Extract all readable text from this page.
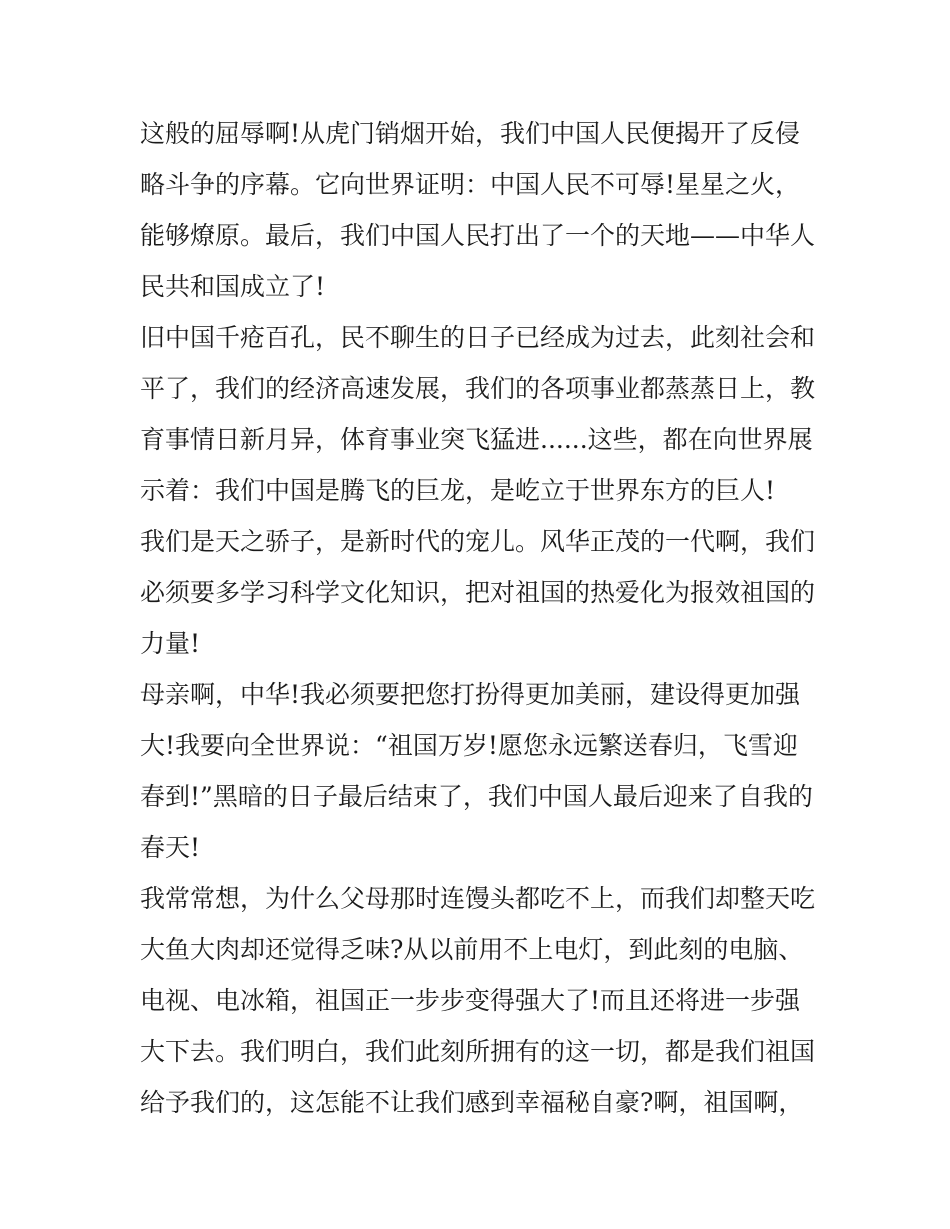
这般的屈辱啊!从虎门销烟开始，我们中国人民便揭开了反侵
略斗争的序幕。它向世界证明：中国人民不可辱!星星之火，
能够燎原。最后，我们中国人民打出了一个的天地——中华人
民共和国成立了!
旧中国千疮百孔，民不聊生的日子已经成为过去，此刻社会和
平了，我们的经济高速发展，我们的各项事业都蒸蒸日上，教
育事情日新月异，体育事业突飞猛进......这些，都在向世界展
示着：我们中国是腾飞的巨龙，是屹立于世界东方的巨人!
我们是天之骄子，是新时代的宠儿。风华正茂的一代啊，我们
必须要多学习科学文化知识，把对祖国的热爱化为报效祖国的
力量!
母亲啊，中华!我必须要把您打扮得更加美丽，建设得更加强
大!我要向全世界说：“祖国万岁!愿您永远繁送春归，飞雪迎
春到!”黑暗的日子最后结束了，我们中国人最后迎来了自我的
春天!
我常常想，为什么父母那时连馒头都吃不上，而我们却整天吃
大鱼大肉却还觉得乏味?从以前用不上电灯，到此刻的电脑、
电视、电冰箱，祖国正一步步变得强大了!而且还将进一步强
大下去。我们明白，我们此刻所拥有的这一切，都是我们祖国
给予我们的，这怎能不让我们感到幸福秘自豪?啊，祖国啊，
